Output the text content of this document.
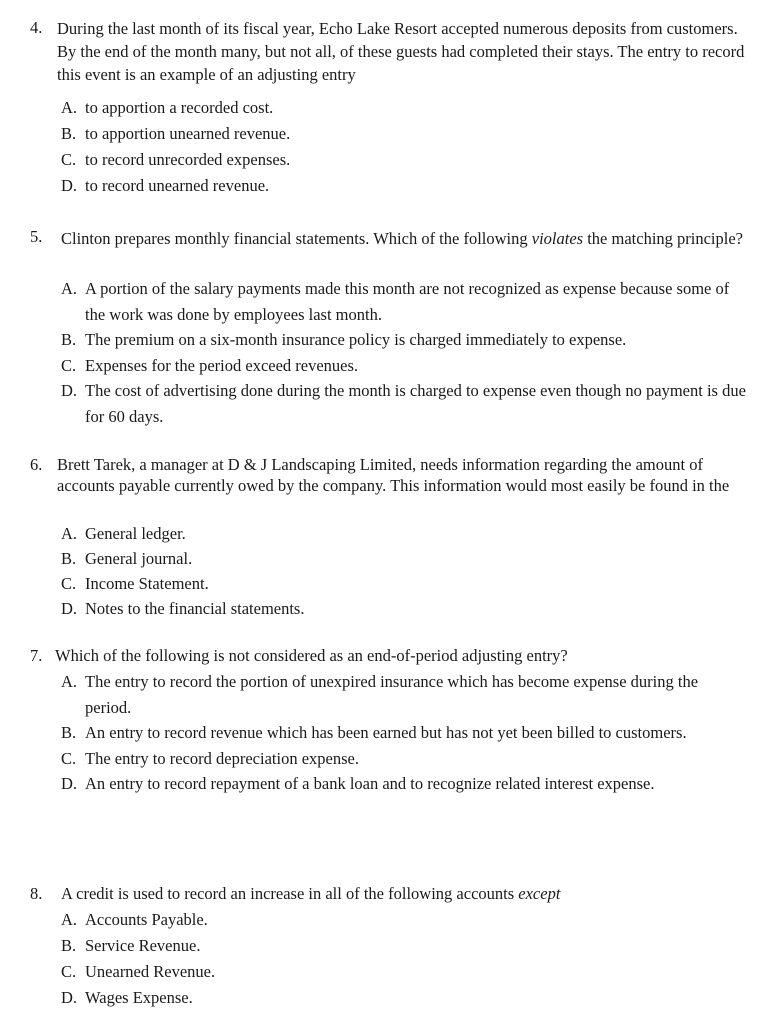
4. During the last month of its fiscal year, Echo Lake Resort accepted numerous deposits from customers. By the end of the month many, but not all, of these guests had completed their stays. The entry to record this event is an example of an adjusting entry
A. to apportion a recorded cost.
B. to apportion unearned revenue.
C. to record unrecorded expenses.
D. to record unearned revenue.
5. Clinton prepares monthly financial statements. Which of the following violates the matching principle?
A. A portion of the salary payments made this month are not recognized as expense because some of the work was done by employees last month.
B. The premium on a six-month insurance policy is charged immediately to expense.
C. Expenses for the period exceed revenues.
D. The cost of advertising done during the month is charged to expense even though no payment is due for 60 days.
6. Brett Tarek, a manager at D & J Landscaping Limited, needs information regarding the amount of accounts payable currently owed by the company. This information would most easily be found in the
A. General ledger.
B. General journal.
C. Income Statement.
D. Notes to the financial statements.
7. Which of the following is not considered as an end-of-period adjusting entry?
A. The entry to record the portion of unexpired insurance which has become expense during the period.
B. An entry to record revenue which has been earned but has not yet been billed to customers.
C. The entry to record depreciation expense.
D. An entry to record repayment of a bank loan and to recognize related interest expense.
8. A credit is used to record an increase in all of the following accounts except
A. Accounts Payable.
B. Service Revenue.
C. Unearned Revenue.
D. Wages Expense.
